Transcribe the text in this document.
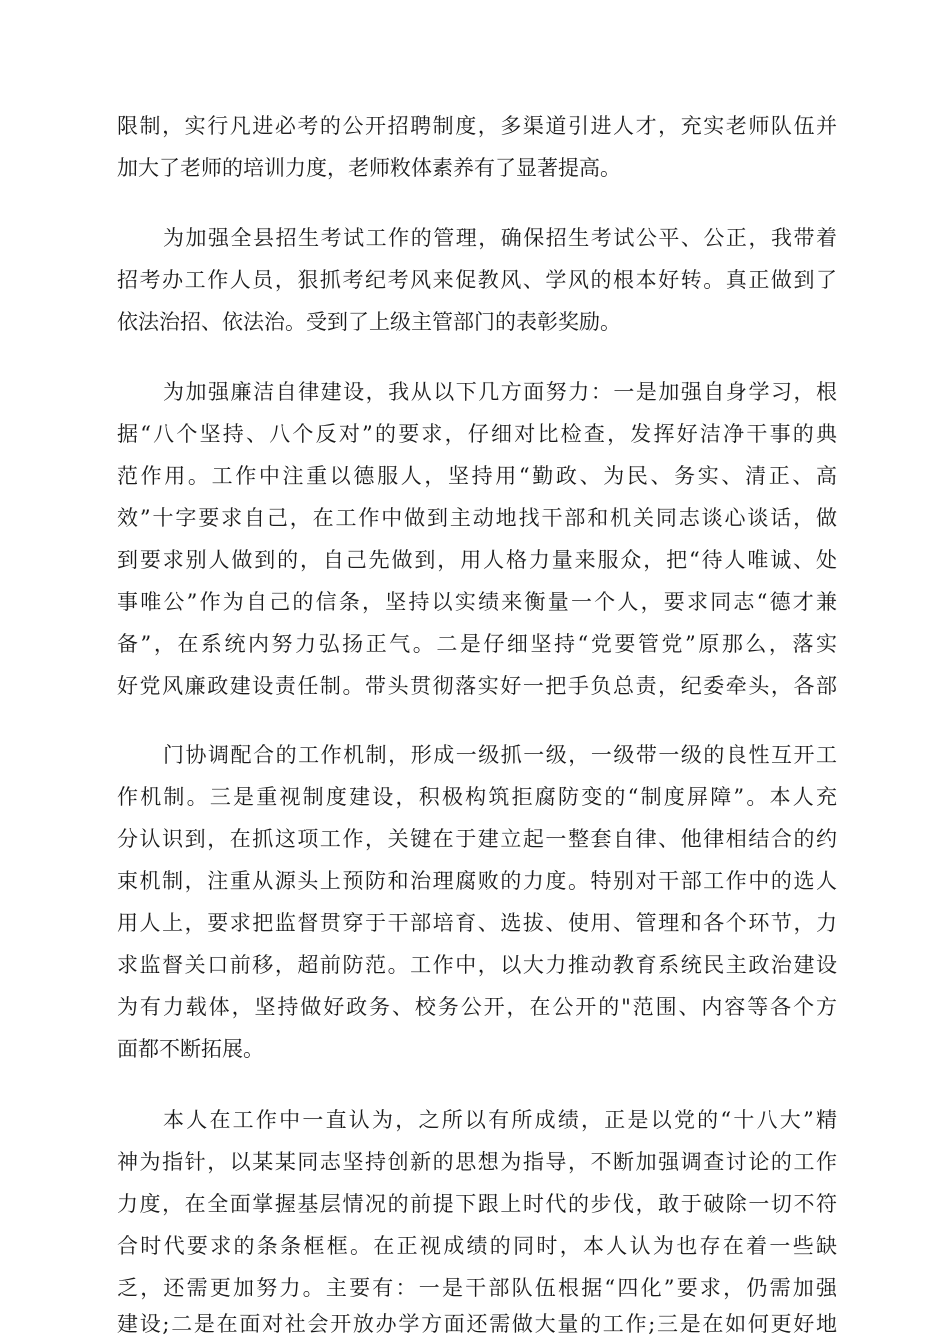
限制，实行凡进必考的公开招聘制度，多渠道引进人才，充实老师队伍并
加大了老师的培训力度，老师敉体素养有了显著提高。
为加强全县招生考试工作的管理，确保招生考试公平、公正，我带着
招考办工作人员，狠抓考纪考风来促教风、学风的根本好转。真正做到了
依法治招、依法治。受到了上级主管部门的表彰奖励。
为加强廉洁自律建设，我从以下几方面努力：一是加强自身学习，根
据“八个坚持、八个反对”的要求，仔细对比检查，发挥好洁净干事的典
范作用。工作中注重以德服人，坚持用“勤政、为民、务实、清正、高
效”十字要求自己，在工作中做到主动地找干部和机关同志谈心谈话，做
到要求别人做到的，自己先做到，用人格力量来服众，把“待人唯诚、处
事唯公”作为自己的信条，坚持以实绩来衡量一个人，要求同志“德才兼
备”，在系统内努力弘扬正气。二是仔细坚持“党要管党”原那么，落实
好党风廉政建设责任制。带头贯彻落实好一把手负总责，纪委牵头，各部
门协调配合的工作机制，形成一级抓一级，一级带一级的良性互开工
作机制。三是重视制度建设，积极构筑拒腐防变的“制度屏障”。本人充
分认识到，在抓这项工作，关键在于建立起一整套自律、他律相结合的约
束机制，注重从源头上预防和治理腐败的力度。特别对干部工作中的选人
用人上，要求把监督贯穿于干部培育、选拔、使用、管理和各个环节，力
求监督关口前移，超前防范。工作中，以大力推动教育系统民主政治建设
为有力载体，坚持做好政务、校务公开，在公开的"范围、内容等各个方
面都不断拓展。
本人在工作中一直认为，之所以有所成绩，正是以党的“十八大”精
神为指针，以某某同志坚持创新的思想为指导，不断加强调查讨论的工作
力度，在全面掌握基层情况的前提下跟上时代的步伐，敢于破除一切不符
合时代要求的条条框框。在正视成绩的同时，本人认为也存在着一些缺
乏，还需更加努力。主要有：一是干部队伍根据“四化”要求，仍需加强
建设;二是在面对社会开放办学方面还需做大量的工作;三是在如何更好地
